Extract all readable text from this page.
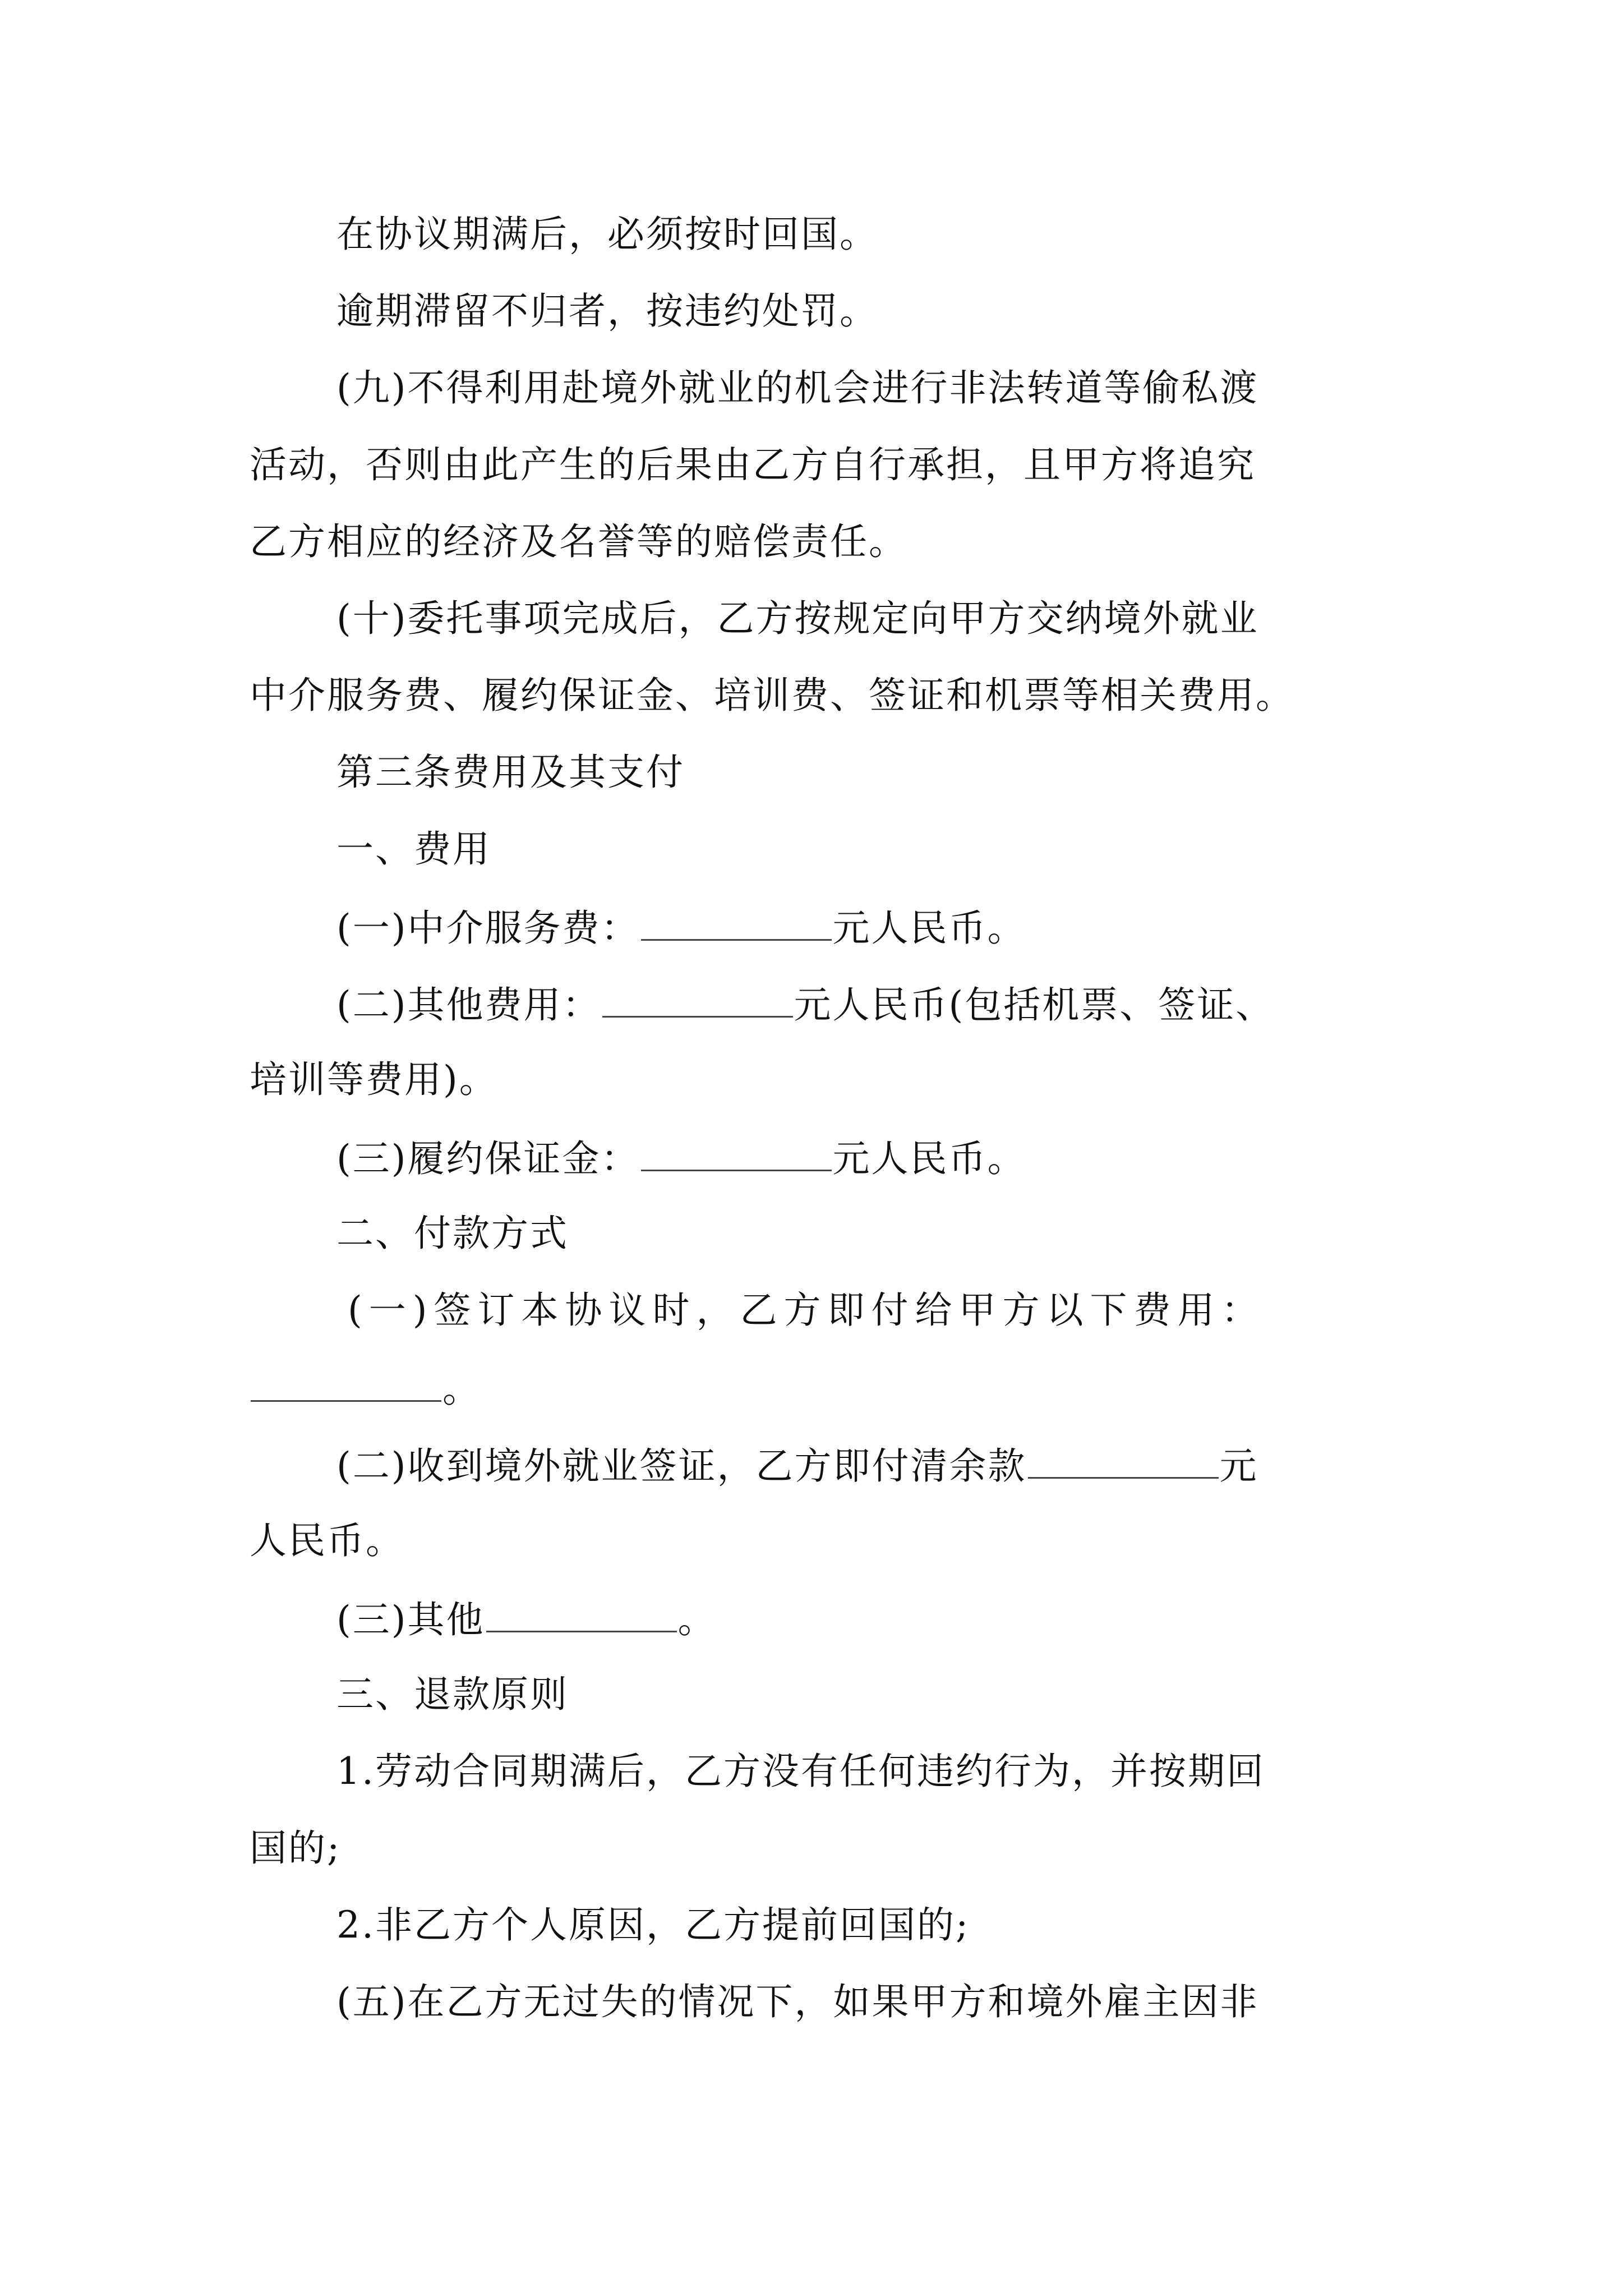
在协议期满后，必须按时回国。
逾期滞留不归者，按违约处罚。
(九)不得利用赴境外就业的机会进行非法转道等偷私渡
活动，否则由此产生的后果由乙方自行承担，且甲方将追究
乙方相应的经济及名誉等的赔偿责任。
(十)委托事项完成后，乙方按规定向甲方交纳境外就业
中介服务费、履约保证金、培训费、签证和机票等相关费用。
第三条费用及其支付
一、费用
(一)中介服务费：	元人民币。
(二)其他费用：	元人民币(包括机票、签证、
培训等费用)。
(三)履约保证金：	元人民币。
二、付款方式
(一)签订本协议时，乙方即付给甲方以下费用：
。
(二)收到境外就业签证，乙方即付清余款	元
人民币。
(三)其他	。
三、退款原则
1.劳动合同期满后，乙方没有任何违约行为，并按期回
国的;
2.非乙方个人原因，乙方提前回国的;
(五)在乙方无过失的情况下，如果甲方和境外雇主因非
